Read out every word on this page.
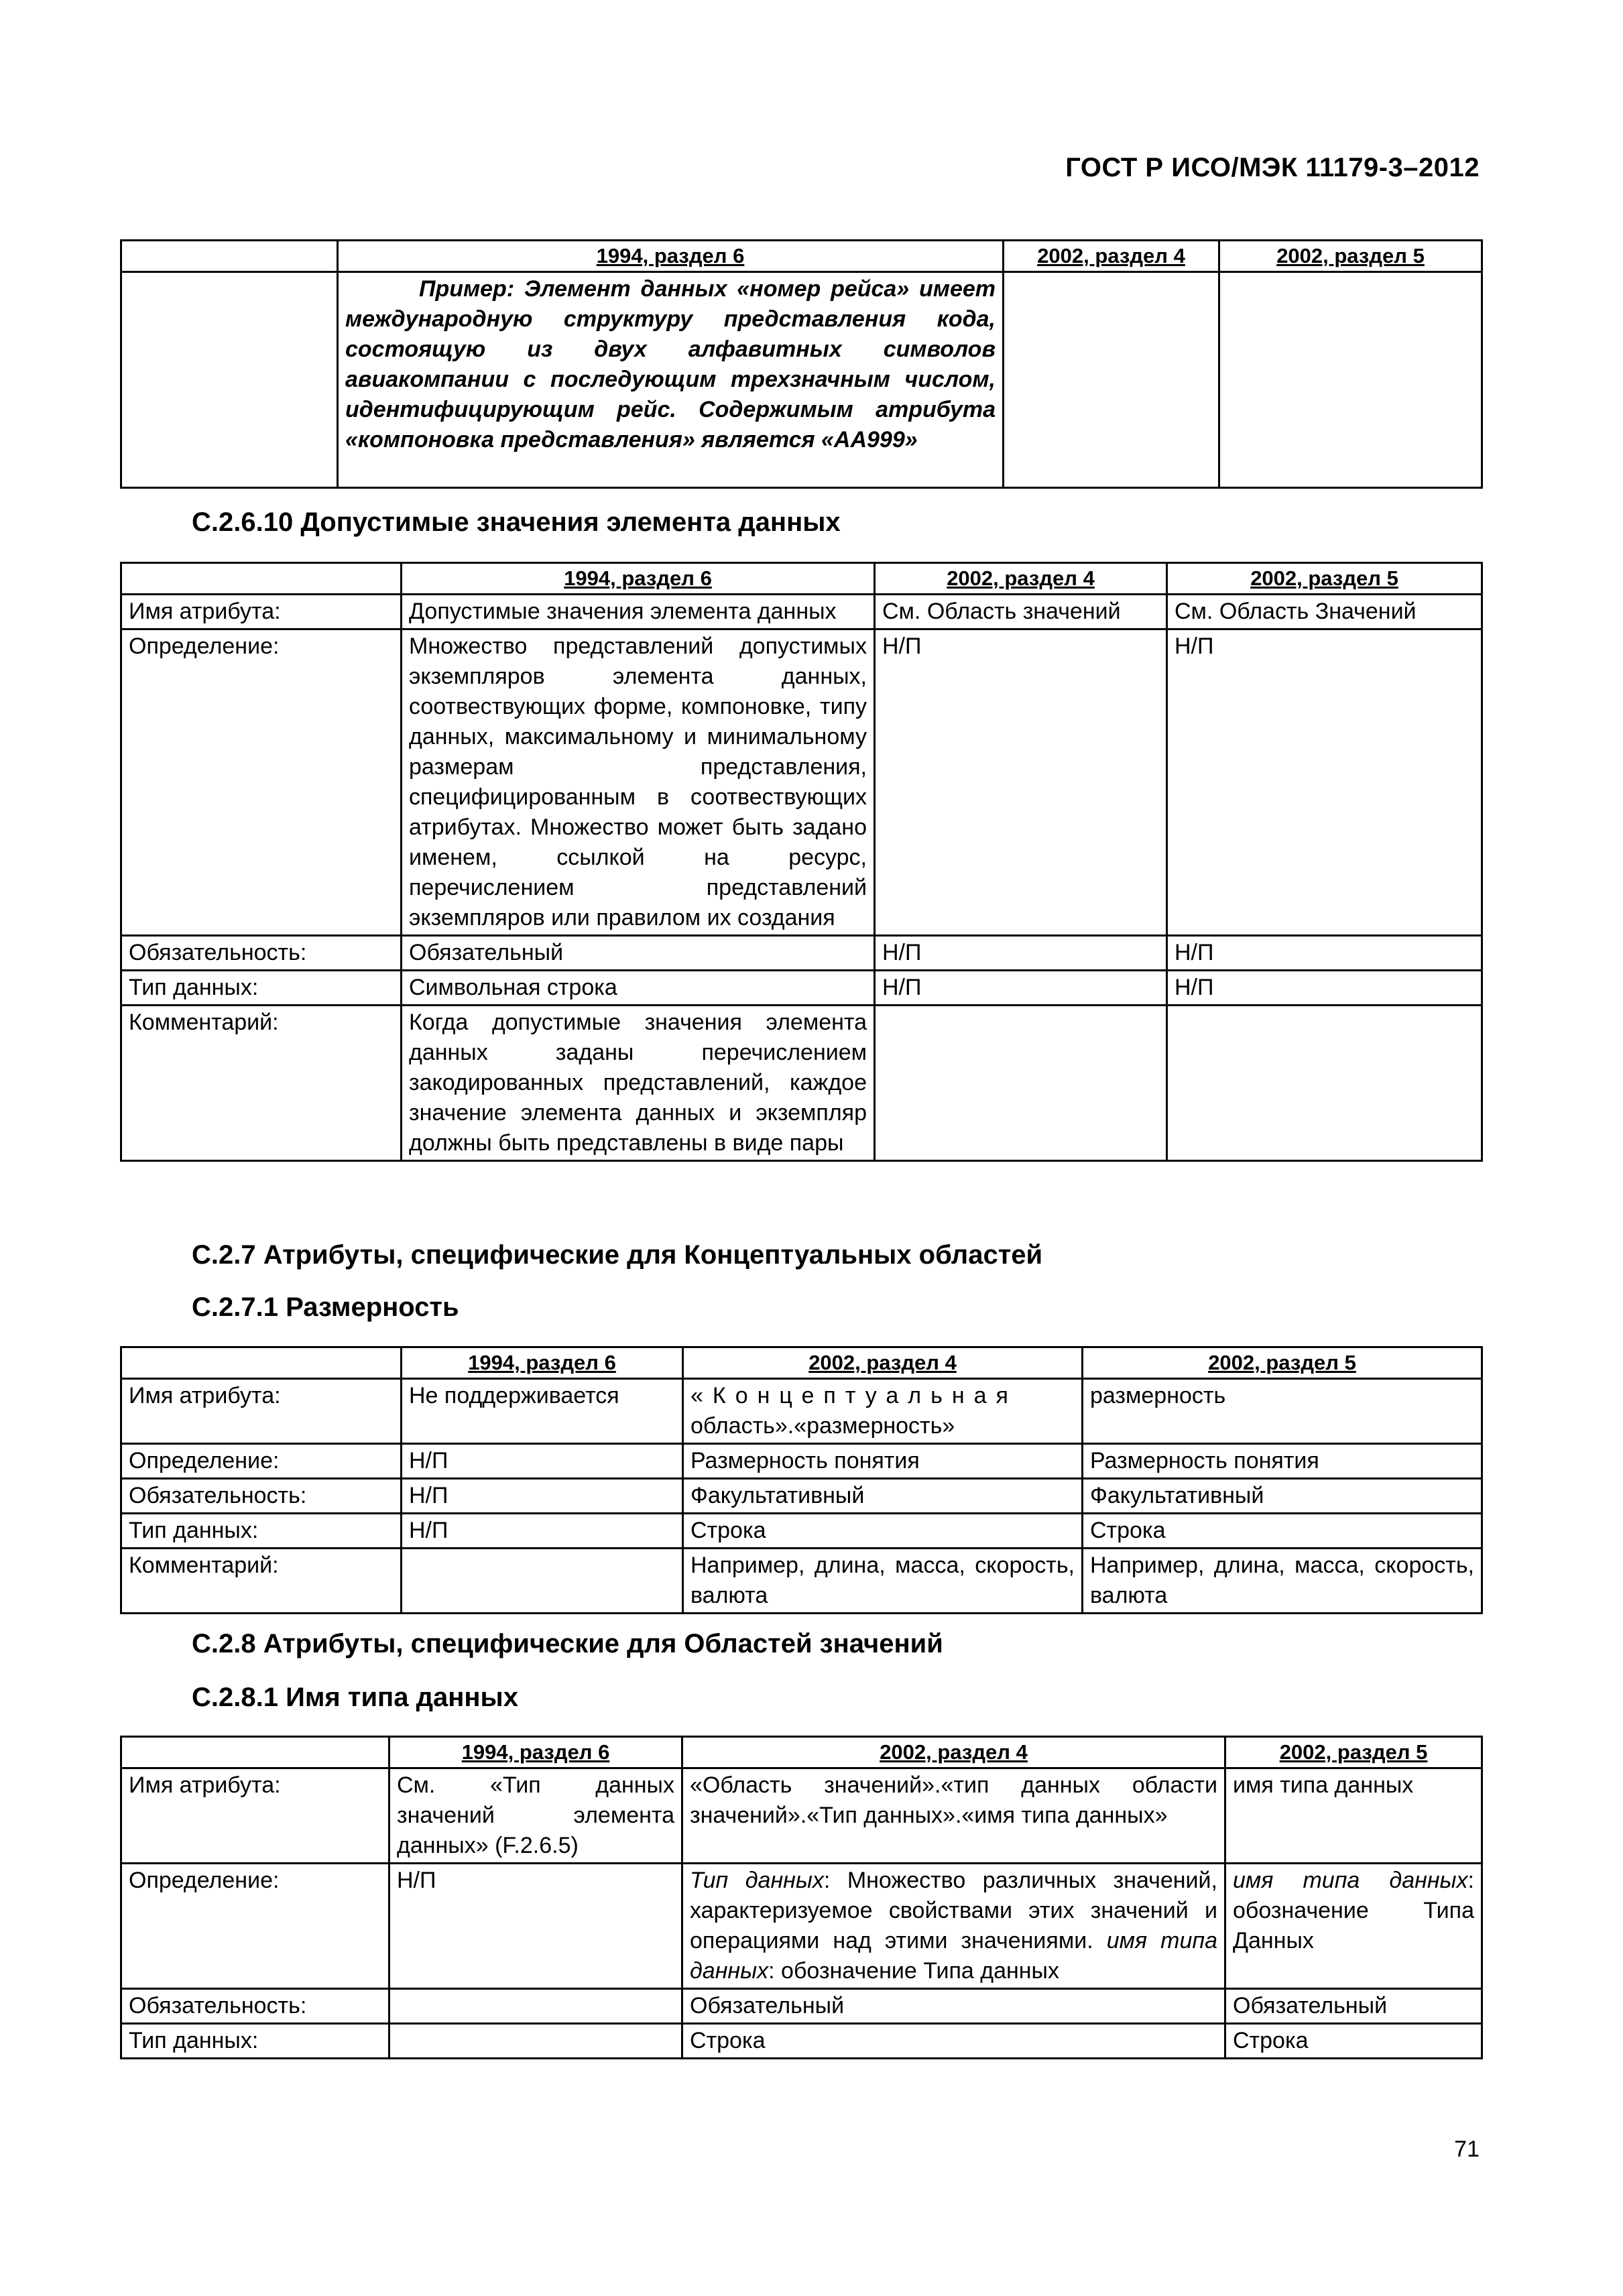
ГОСТ Р ИСО/МЭК 11179-3–2012
	1994, раздел 6	2002, раздел 4	2002, раздел 5
	Пример: Элемент данных «номер рейса» имеет международную структуру представления кода, состоящую из двух алфавитных символов авиакомпании с последующим трехзначным числом, идентифицирующим рейс. Содержимым атрибута «компоновка представления» является «AA999»		
С.2.6.10 Допустимые значения элемента данных
	1994, раздел 6	2002, раздел 4	2002, раздел 5
Имя атрибута:	Допустимые значения элемента данных	См. Область значений	См. Область Значений
Определение:	Множество представлений допустимых экземпляров элемента данных, соотвествующих форме, компоновке, типу данных, максимальному и минимальному размерам представления, специфицированным в соотвествующих атрибутах. Множество может быть задано именем, ссылкой на ресурс, перечислением представлений экземпляров или правилом их создания	Н/П	Н/П
Обязательность:	Обязательный	Н/П	Н/П
Тип данных:	Символьная строка	Н/П	Н/П
Комментарий:	Когда допустимые значения элемента данных заданы перечислением закодированных представлений, каждое значение элемента данных и экземпляр должны быть представлены в виде пары		
С.2.7 Атрибуты, специфические для Концептуальных областей
С.2.7.1 Размерность
	1994, раздел 6	2002, раздел 4	2002, раздел 5
Имя атрибута:	Не поддерживается	«Концептуальная
область».«размерность»	размерность
Определение:	Н/П	Размерность понятия	Размерность понятия
Обязательность:	Н/П	Факультативный	Факультативный
Тип данных:	Н/П	Строка	Строка
Комментарий:		Например, длина, масса, скорость, валюта	Например, длина, масса, скорость, валюта
С.2.8 Атрибуты, специфические для Областей значений
С.2.8.1 Имя типа данных
	1994, раздел 6	2002, раздел 4	2002, раздел 5
Имя атрибута:	См. «Тип данных значений элемента данных» (F.2.6.5)	«Область значений».«тип данных области значений».«Тип данных».«имя типа данных»	имя типа данных
Определение:	Н/П	Тип данных: Множество различных значений, характеризуемое свойствами этих значений и операциями над этими значениями. имя типа данных: обозначение Типа данных	имя типа данных: обозначение Типа Данных
Обязательность:		Обязательный	Обязательный
Тип данных:		Строка	Строка
71
